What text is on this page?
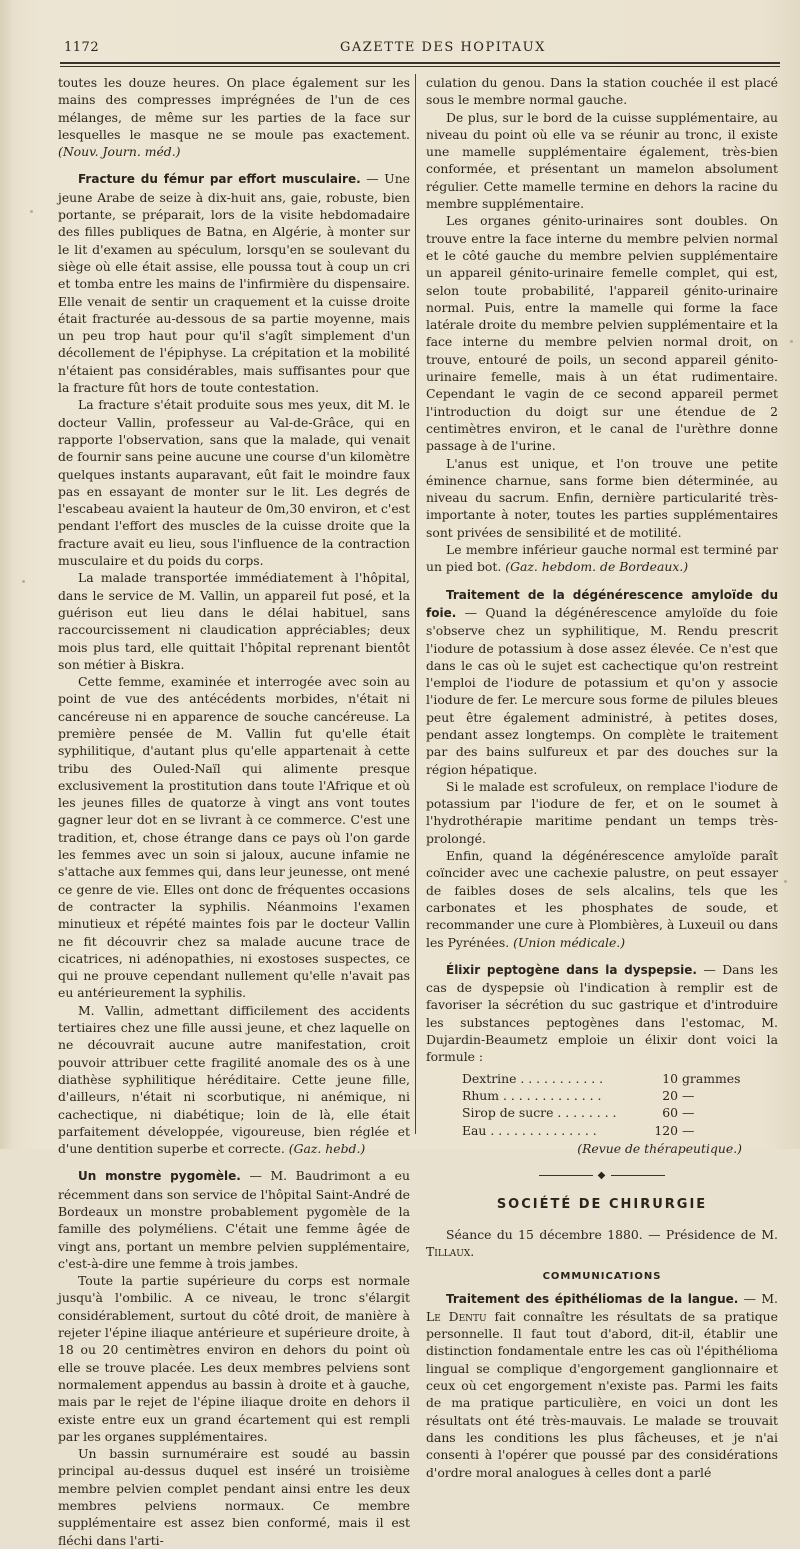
1172	GAZETTE DES HOPITAUX

toutes les douze heures. On place également sur les mains des compresses imprégnées de l'un de ces mélanges, de même sur les parties de la face sur lesquelles le masque ne se moule pas exactement. (Nouv. Journ. méd.)

Fracture du fémur par effort musculaire. — Une jeune Arabe de seize à dix-huit ans, gaie, robuste, bien portante, se préparait, lors de la visite hebdomadaire des filles publiques de Batna, en Algérie, à monter sur le lit d'examen au spéculum, lorsqu'en se soulevant du siège où elle était assise, elle poussa tout à coup un cri et tomba entre les mains de l'infirmière du dispensaire. Elle venait de sentir un craquement et la cuisse droite était fracturée au-dessous de sa partie moyenne, mais un peu trop haut pour qu'il s'agît simplement d'un décollement de l'épiphyse. La crépitation et la mobilité n'étaient pas considérables, mais suffisantes pour que la fracture fût hors de toute contestation.

La fracture s'était produite sous mes yeux, dit M. le docteur Vallin, professeur au Val-de-Grâce, qui en rapporte l'observation, sans que la malade, qui venait de fournir sans peine aucune une course d'un kilomètre quelques instants auparavant, eût fait le moindre faux pas en essayant de monter sur le lit. Les degrés de l'escabeau avaient la hauteur de 0m,30 environ, et c'est pendant l'effort des muscles de la cuisse droite que la fracture avait eu lieu, sous l'influence de la contraction musculaire et du poids du corps.

La malade transportée immédiatement à l'hôpital, dans le service de M. Vallin, un appareil fut posé, et la guérison eut lieu dans le délai habituel, sans raccourcissement ni claudication appréciables; deux mois plus tard, elle quittait l'hôpital reprenant bientôt son métier à Biskra.

Cette femme, examinée et interrogée avec soin au point de vue des antécédents morbides, n'était ni cancéreuse ni en apparence de souche cancéreuse. La première pensée de M. Vallin fut qu'elle était syphilitique, d'autant plus qu'elle appartenait à cette tribu des Ouled-Naïl qui alimente presque exclusivement la prostitution dans toute l'Afrique et où les jeunes filles de quatorze à vingt ans vont toutes gagner leur dot en se livrant à ce commerce. C'est une tradition, et, chose étrange dans ce pays où l'on garde les femmes avec un soin si jaloux, aucune infamie ne s'attache aux femmes qui, dans leur jeunesse, ont mené ce genre de vie. Elles ont donc de fréquentes occasions de contracter la syphilis. Néanmoins l'examen minutieux et répété maintes fois par le docteur Vallin ne fit découvrir chez sa malade aucune trace de cicatrices, ni adénopathies, ni exostoses suspectes, ce qui ne prouve cependant nullement qu'elle n'avait pas eu antérieurement la syphilis.

M. Vallin, admettant difficilement des accidents tertiaires chez une fille aussi jeune, et chez laquelle on ne découvrait aucune autre manifestation, croit pouvoir attribuer cette fragilité anomale des os à une diathèse syphilitique héréditaire. Cette jeune fille, d'ailleurs, n'était ni scorbutique, ni anémique, ni cachectique, ni diabétique; loin de là, elle était parfaitement développée, vigoureuse, bien réglée et d'une dentition superbe et correcte. (Gaz. hebd.)

Un monstre pygomèle. — M. Baudrimont a eu récemment dans son service de l'hôpital Saint-André de Bordeaux un monstre probablement pygomèle de la famille des polyméliens. C'était une femme âgée de vingt ans, portant un membre pelvien supplémentaire, c'est-à-dire une femme à trois jambes.

Toute la partie supérieure du corps est normale jusqu'à l'ombilic. A ce niveau, le tronc s'élargit considérablement, surtout du côté droit, de manière à rejeter l'épine iliaque antérieure et supérieure droite, à 18 ou 20 centimètres environ en dehors du point où elle se trouve placée. Les deux membres pelviens sont normalement appendus au bassin à droite et à gauche, mais par le rejet de l'épine iliaque droite en dehors il existe entre eux un grand écartement qui est rempli par les organes supplémentaires.

Un bassin surnuméraire est soudé au bassin principal au-dessus duquel est inséré un troisième membre pelvien complet pendant ainsi entre les deux membres pelviens normaux. Ce membre supplémentaire est assez bien conformé, mais il est fléchi dans l'arti-

culation du genou. Dans la station couchée il est placé sous le membre normal gauche.

De plus, sur le bord de la cuisse supplémentaire, au niveau du point où elle va se réunir au tronc, il existe une mamelle supplémentaire également, très-bien conformée, et présentant un mamelon absolument régulier. Cette mamelle termine en dehors la racine du membre supplémentaire.

Les organes génito-urinaires sont doubles. On trouve entre la face interne du membre pelvien normal et le côté gauche du membre pelvien supplémentaire un appareil génito-urinaire femelle complet, qui est, selon toute probabilité, l'appareil génito-urinaire normal. Puis, entre la mamelle qui forme la face latérale droite du membre pelvien supplémentaire et la face interne du membre pelvien normal droit, on trouve, entouré de poils, un second appareil génito-urinaire femelle, mais à un état rudimentaire. Cependant le vagin de ce second appareil permet l'introduction du doigt sur une étendue de 2 centimètres environ, et le canal de l'urèthre donne passage à de l'urine.

L'anus est unique, et l'on trouve une petite éminence charnue, sans forme bien déterminée, au niveau du sacrum. Enfin, dernière particularité très-importante à noter, toutes les parties supplémentaires sont privées de sensibilité et de motilité.

Le membre inférieur gauche normal est terminé par un pied bot. (Gaz. hebdom. de Bordeaux.)

Traitement de la dégénérescence amyloïde du foie. — Quand la dégénérescence amyloïde du foie s'observe chez un syphilitique, M. Rendu prescrit l'iodure de potassium à dose assez élevée. Ce n'est que dans le cas où le sujet est cachectique qu'on restreint l'emploi de l'iodure de potassium et qu'on y associe l'iodure de fer. Le mercure sous forme de pilules bleues peut être également administré, à petites doses, pendant assez longtemps. On complète le traitement par des bains sulfureux et par des douches sur la région hépatique.

Si le malade est scrofuleux, on remplace l'iodure de potassium par l'iodure de fer, et on le soumet à l'hydrothérapie maritime pendant un temps très-prolongé.

Enfin, quand la dégénérescence amyloïde paraît coïncider avec une cachexie palustre, on peut essayer de faibles doses de sels alcalins, tels que les carbonates et les phosphates de soude, et recommander une cure à Plombières, à Luxeuil ou dans les Pyrénées. (Union médicale.)

Élixir peptogène dans la dyspepsie. — Dans les cas de dyspepsie où l'indication à remplir est de favoriser la sécrétion du suc gastrique et d'introduire les substances peptogènes dans l'estomac, M. Dujardin-Beaumetz emploie un élixir dont voici la formule :

Dextrine . . . . . . . . . . .	10 grammes
Rhum . . . . . . . . . . . . .	20 —
Sirop de sucre . . . . . . . .	60 —
Eau . . . . . . . . . . . . . .	120 —
(Revue de thérapeutique.)
◆
SOCIÉTÉ DE CHIRURGIE

Séance du 15 décembre 1880. — Présidence de M. Tillaux.

COMMUNICATIONS

Traitement des épithéliomas de la langue. — M. Le Dentu fait connaître les résultats de sa pratique personnelle. Il faut tout d'abord, dit-il, établir une distinction fondamentale entre les cas où l'épithélioma lingual se complique d'engorgement ganglionnaire et ceux où cet engorgement n'existe pas. Parmi les faits de ma pratique particulière, en voici un dont les résultats ont été très-mauvais. Le malade se trouvait dans les conditions les plus fâcheuses, et je n'ai consenti à l'opérer que poussé par des considérations d'ordre moral analogues à celles dont a parlé
